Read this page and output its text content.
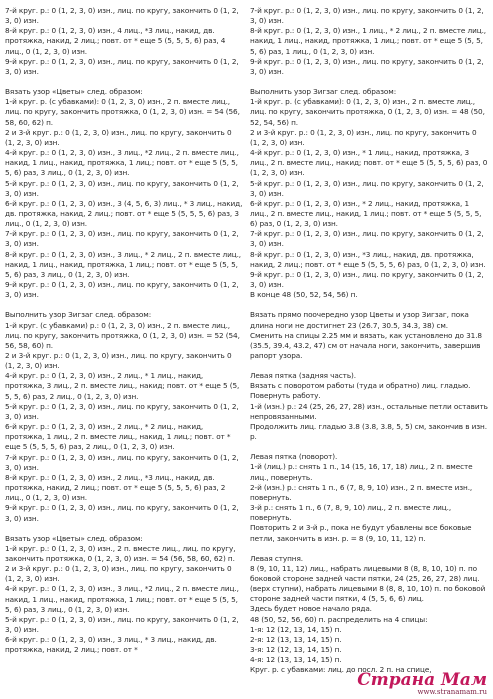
7-й круг. р.: 0 (1, 2, 3, 0) изн., лиц. по кругу, закончить 0 (1, 2, 3, 0) изн.

8-й круг. р.: 0 (1, 2, 3, 0) изн., 4 лиц., *3 лиц., накид, дв. протяжка, накид, 2 лиц.; повт. от * еще 5 (5, 5, 5, 6) раз, 4 лиц., 0 (1, 2, 3, 0) изн.

9-й круг. р.: 0 (1, 2, 3, 0) изн., лиц. по кругу, закончить 0 (1, 2, 3, 0) изн.

Вязать узор «Цветы» след. образом:

1-й круг. р. (с убавками): 0 (1, 2, 3, 0) изн., 2 п. вместе лиц., лиц. по кругу, закончить протяжка, 0 (1, 2, 3, 0) изн. = 54 (56, 58, 60, 62) п.

2 и 3-й круг. р.: 0 (1, 2, 3, 0) изн., лиц. по кругу, закончить 0 (1, 2, 3, 0) изн.

4-й круг. р.: 0 (1, 2, 3, 0) изн., 3 лиц., *2 лиц., 2 п. вместе лиц., накид, 1 лиц., накид, протяжка, 1 лиц.; повт. от * еще 5 (5, 5, 5, 6) раз, 3 лиц., 0 (1, 2, 3, 0) изн.

5-й круг. р.: 0 (1, 2, 3, 0) изн., лиц. по кругу, закончить 0 (1, 2, 3, 0) изн.

6-й круг. р.: 0 (1, 2, 3, 0) изн., 3 (4, 5, 6, 3) лиц., * 3 лиц., накид, дв. протяжка, накид, 2 лиц.; повт. от * еще 5 (5, 5, 5, 6) раз, 3 лиц., 0 (1, 2, 3, 0) изн.

7-й круг. р.: 0 (1, 2, 3, 0) изн., лиц. по кругу, закончить 0 (1, 2, 3, 0) изн.

8-й круг. р.: 0 (1, 2, 3, 0) изн., 3 лиц., * 2 лиц., 2 п. вместе лиц., накид, 1 лиц., накид, протяжка, 1 лиц.; повт. от * еще 5 (5, 5, 5, 6) раз, 3 лиц., 0 (1, 2, 3, 0) изн.

9-й круг. р.: 0 (1, 2, 3, 0) изн., лиц. по кругу, закончить 0 (1, 2, 3, 0) изн.

Выполнить узор Зигзаг след. образом:

1-й круг. (с убавками) р.: 0 (1, 2, 3, 0) изн., 2 п. вместе лиц., лиц. по кругу, закончить протяжка, 0 (1, 2, 3, 0) изн. = 52 (54, 56, 58, 60) п.

2 и 3-й круг. р.: 0 (1, 2, 3, 0) изн., лиц. по кругу, закончить 0 (1, 2, 3, 0) изн.

4-й круг. р.: 0 (1, 2, 3, 0) изн., 2 лиц., * 1 лиц., накид, протяжка, 3 лиц., 2 п. вместе лиц., накид; повт. от * еще 5 (5, 5, 5, 6) раз, 2 лиц., 0 (1, 2, 3, 0) изн.

5-й круг. р.: 0 (1, 2, 3, 0) изн., лиц. по кругу, закончить 0 (1, 2, 3, 0) изн.

6-й круг. р.: 0 (1, 2, 3, 0) изн., 2 лиц., * 2 лиц., накид, протяжка, 1 лиц., 2 п. вместе лиц., накид, 1 лиц.; повт. от * еще 5 (5, 5, 5, 6) раз, 2 лиц., 0 (1, 2, 3, 0) изн.

7-й круг. р.: 0 (1, 2, 3, 0) изн., лиц. по кругу, закончить 0 (1, 2, 3, 0) изн.

8-й круг. р.: 0 (1, 2, 3, 0) изн., 2 лиц., *3 лиц., накид, дв. протяжка, накид, 2 лиц.; повт. от * еще 5 (5, 5, 5, 6) раз, 2 лиц., 0 (1, 2, 3, 0) изн.

9-й круг. р.: 0 (1, 2, 3, 0) изн., лиц. по кругу, закончить 0 (1, 2, 3, 0) изн.

Вязать узор «Цветы» след. образом:

1-й круг. р.: 0 (1, 2, 3, 0) изн., 2 п. вместе лиц., лиц. по кругу, закончить протяжка, 0 (1, 2, 3, 0) изн. = 54 (56, 58, 60, 62) п.

2 и 3-й круг. р.: 0 (1, 2, 3, 0) изн., лиц. по кругу, закончить 0 (1, 2, 3, 0) изн.

4-й круг. р.: 0 (1, 2, 3, 0) изн., 3 лиц., *2 лиц., 2 п. вместе лиц., накид, 1 лиц., накид, протяжка, 1 лиц.; повт. от * еще 5 (5, 5, 5, 6) раз, 3 лиц., 0 (1, 2, 3, 0) изн.

5-й круг. р.: 0 (1, 2, 3, 0) изн., лиц. по кругу, закончить 0 (1, 2, 3, 0) изн.

6-й круг. р.: 0 (1, 2, 3, 0) изн., 3 лиц., * 3 лиц., накид, дв. протяжка, накид, 2 лиц.; повт. от *

7-й круг. р.: 0 (1, 2, 3, 0) изн., лиц. по кругу, закончить 0 (1, 2, 3, 0) изн.

8-й круг. р.: 0 (1, 2, 3, 0) изн., 1 лиц., * 2 лиц., 2 п. вместе лиц., накид, 1 лиц., накид, протяжка, 1 лиц.; повт. от * еще 5 (5, 5, 5, 6) раз, 1 лиц., 0 (1, 2, 3, 0) изн.

9-й круг. р.: 0 (1, 2, 3, 0) изн., лиц. по кругу, закончить 0 (1, 2, 3, 0) изн.

Выполнить узор Зигзаг след. образом:

1-й круг. р. (с убавками): 0 (1, 2, 3, 0) изн., 2 п. вместе лиц., лиц. по кругу, закончить протяжка, 0 (1, 2, 3, 0) изн. = 48 (50, 52, 54, 56) п.

2 и 3-й круг. р.: 0 (1, 2, 3, 0) изн., лиц. по кругу, закончить 0 (1, 2, 3, 0) изн.

4-й круг. р.: 0 (1, 2, 3, 0) изн., * 1 лиц., накид, протяжка, 3 лиц., 2 п. вместе лиц., накид; повт. от * еще 5 (5, 5, 5, 6) раз, 0 (1, 2, 3, 0) изн.

5-й круг. р.: 0 (1, 2, 3, 0) изн., лиц. по кругу, закончить 0 (1, 2, 3, 0) изн.

6-й круг. р.: 0 (1, 2, 3, 0) изн., * 2 лиц., накид, протяжка, 1 лиц., 2 п. вместе лиц., накид, 1 лиц.; повт. от * еще 5 (5, 5, 5, 6) раз, 0 (1, 2, 3, 0) изн.

7-й круг. р.: 0 (1, 2, 3, 0) изн., лиц. по кругу, закончить 0 (1, 2, 3, 0) изн.

8-й круг. р.: 0 (1, 2, 3, 0) изн., *3 лиц., накид, дв. протяжка, накид, 2 лиц.; повт. от * еще 5 (5, 5, 5, 6) раз, 0 (1, 2, 3, 0) изн.

9-й круг. р.: 0 (1, 2, 3, 0) изн., лиц. по кругу, закончить 0 (1, 2, 3, 0) изн.

В конце 48 (50, 52, 54, 56) п.

Вязать прямо поочередно узор Цветы и узор Зигзаг, пока длина ноги не достигнет 23 (26.7, 30.5, 34.3, 38) см.

Сменить на спицы 2.25 мм и вязать, как установлено до 31.8 (35.5, 39.4, 43.2, 47) см от начала ноги, закончить, завершив рапорт узора.

Левая пятка (задняя часть).

Вязать с поворотом работы (туда и обратно) лиц. гладью.

Повернуть работу.

1-й (изн.) р.: 24 (25, 26, 27, 28) изн., остальные петли оставить непровязанными.

Продолжить лиц. гладью 3.8 (3.8, 3.8, 5, 5) см, закончив в изн. р.

Левая пятка (поворот).

1-й (лиц.) р.: снять 1 п., 14 (15, 16, 17, 18) лиц., 2 п. вместе лиц., повернуть.

2-й (изн.) р.: снять 1 п., 6 (7, 8, 9, 10) изн., 2 п. вместе изн., повернуть.

3-й р.: снять 1 п., 6 (7, 8, 9, 10) лиц., 2 п. вместе лиц., повернуть.

Повторить 2 и 3-й р., пока не будут убавлены все боковые петли, закончить в изн. р. = 8 (9, 10, 11, 12) п.

Левая ступня.

8 (9, 10, 11, 12) лиц., набрать лицевыми 8 (8, 8, 10, 10) п. по боковой стороне задней части пятки, 24 (25, 26, 27, 28) лиц. (верх ступни), набрать лицевыми 8 (8, 8, 10, 10) п. по боковой стороне задней части пятки, 4 (5, 5, 6, 6) лиц.

Здесь будет новое начало ряда.

48 (50, 52, 56, 60) п. распределить на 4 спицы:

1-я: 12 (12, 13, 14, 15) п.

2-я: 12 (13, 13, 14, 15) п.

3-я: 12 (12, 13, 14, 15) п.

4-я: 12 (13, 13, 14, 15) п.

Круг. р. с убавками: лиц. до посл. 2 п. на спице,

Страна Мам
www.stranamam.ru
